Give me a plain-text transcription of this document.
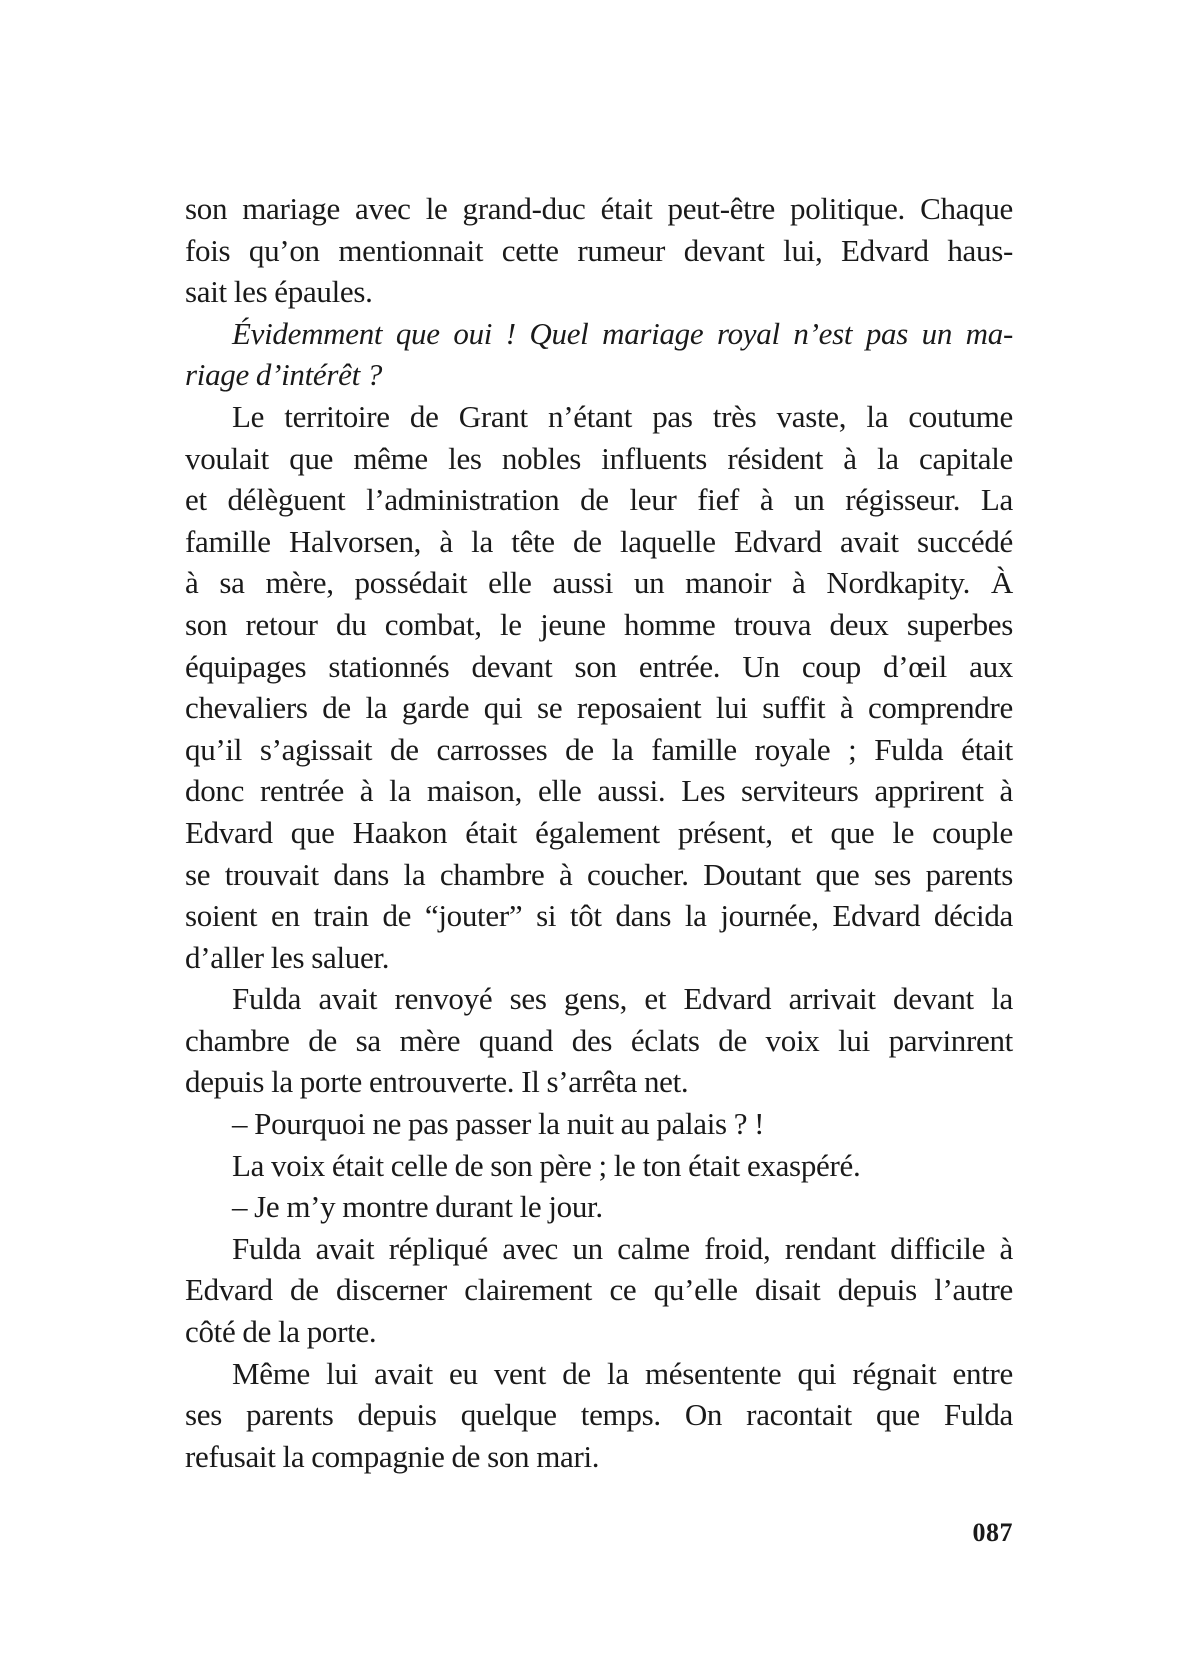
son mariage avec le grand-duc était peut-être politique. Chaque
fois qu’on mentionnait cette rumeur devant lui, Edvard haus-
sait les épaules.
Évidemment que oui ! Quel mariage royal n’est pas un ma-
riage d’intérêt ?
Le territoire de Grant n’étant pas très vaste, la coutume
voulait que même les nobles influents résident à la capitale
et délèguent l’administration de leur fief à un régisseur. La
famille Halvorsen, à la tête de laquelle Edvard avait succédé
à sa mère, possédait elle aussi un manoir à Nordkapity. À
son retour du combat, le jeune homme trouva deux superbes
équipages stationnés devant son entrée. Un coup d’œil aux
chevaliers de la garde qui se reposaient lui suffit à comprendre
qu’il s’agissait de carrosses de la famille royale ; Fulda était
donc rentrée à la maison, elle aussi. Les serviteurs apprirent à
Edvard que Haakon était également présent, et que le couple
se trouvait dans la chambre à coucher. Doutant que ses parents
soient en train de “jouter” si tôt dans la journée, Edvard décida
d’aller les saluer.
Fulda avait renvoyé ses gens, et Edvard arrivait devant la
chambre de sa mère quand des éclats de voix lui parvinrent
depuis la porte entrouverte. Il s’arrêta net.
– Pourquoi ne pas passer la nuit au palais ? !
La voix était celle de son père ; le ton était exaspéré.
– Je m’y montre durant le jour.
Fulda avait répliqué avec un calme froid, rendant difficile à
Edvard de discerner clairement ce qu’elle disait depuis l’autre
côté de la porte.
Même lui avait eu vent de la mésentente qui régnait entre
ses parents depuis quelque temps. On racontait que Fulda
refusait la compagnie de son mari.
087
